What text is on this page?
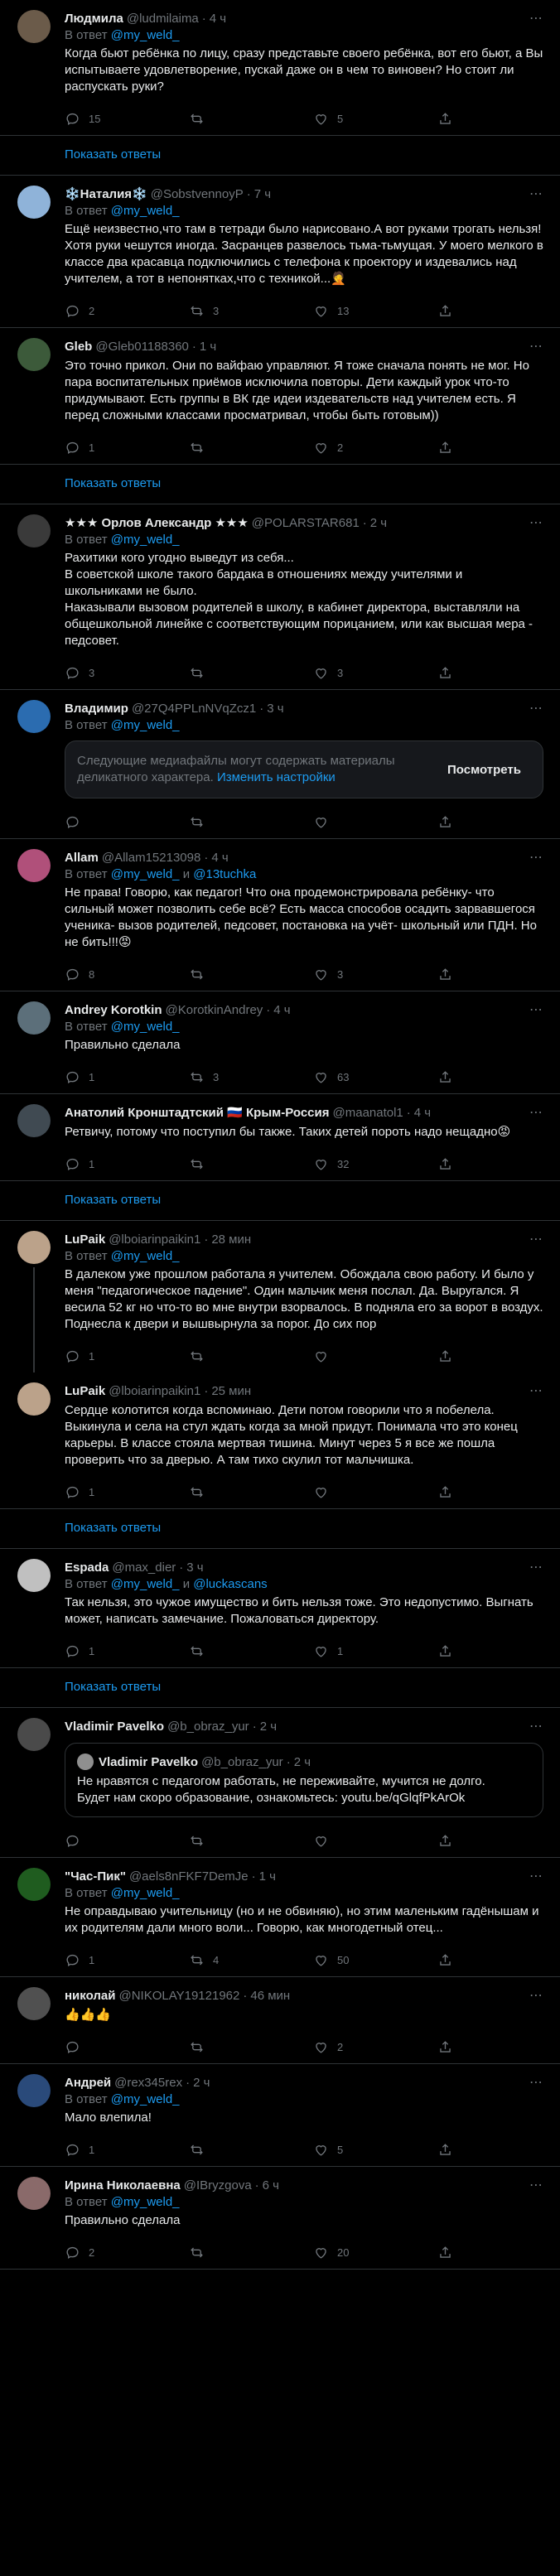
Людмила @ludmilaima · 4 ч	⋯
В ответ @my_weld_
Когда бьют ребёнка по лицу, сразу представьте своего ребёнка, вот его бьют, а Вы испытываете удовлетворение, пускай даже он в чем то виновен? Но стоит ли распускать руки?
15	5
Показать ответы
❄️Наталия❄️ @SobstvennoyP · 7 ч	⋯
В ответ @my_weld_
Ещё неизвестно,что там в тетради было нарисовано.А вот руками трогать нельзя! Хотя руки чешутся иногда. Засранцев развелось тьма-тьмущая. У моего мелкого в классе два красавца подключились с телефона к проектору и издевались над учителем, а тот в непонятках,что с техникой...🤦
2	3	13
Gleb @Gleb01188360 · 1 ч	⋯
Это точно прикол. Они по вайфаю управляют. Я тоже сначала понять не мог. Но пара воспитательных приёмов исключила повторы. Дети каждый урок что-то придумывают. Есть группы в ВК где идеи издевательств над учителем есть. Я перед сложными классами просматривал, чтобы быть готовым))
1	2
Показать ответы
★★★ Орлов Александр ★★★ @POLARSTAR681 · 2 ч	⋯
В ответ @my_weld_
Рахитики кого угодно выведут из себя...
В советской школе такого бардака в отношениях между учителями и школьниками не было.
Наказывали вызовом родителей в школу, в кабинет директора, выставляли на общешкольной линейке с соответствующим порицанием, или как высшая мера - педсовет.
3	3
Владимир @27Q4PPLnNVqZcz1 · 3 ч	⋯
В ответ @my_weld_
Следующие медиафайлы могут содержать материалы деликатного характера. Изменить настройки
Посмотреть
Allam @Allam15213098 · 4 ч	⋯
В ответ @my_weld_ и @13tuchka
Не права! Говорю, как педагог! Что она продемонстрировала ребёнку- что сильный может позволить себе всё? Есть масса способов осадить зарвавшегося ученика- вызов родителей, педсовет, постановка на учёт- школьный или ПДН. Но не бить!!!😡
8	3
Andrey Korotkin @KorotkinAndrey · 4 ч	⋯
В ответ @my_weld_
Правильно сделала
1	3	63
Анатолий Кронштадтский 🇷🇺 Крым-Россия @maanatol1 · 4 ч	⋯
Ретвичу, потому что поступил бы также. Таких детей пороть надо нещадно😡
1	32
Показать ответы
LuPaik @lboiarinpaikin1 · 28 мин	⋯
В ответ @my_weld_
В далеком уже прошлом работала я учителем. Обождала свою работу. И было у меня "педагогическое падение". Один мальчик меня послал. Да. Выругался. Я весила 52 кг но что-то во мне внутри взорвалось. В подняла его за ворот в воздух. Поднесла к двери и вышвырнула за порог. До сих пор
1
LuPaik @lboiarinpaikin1 · 25 мин	⋯
Сердце колотится когда вспоминаю. Дети потом говорили что я побелела. Выкинула и села на стул ждать когда за мной придут. Понимала что это конец карьеры. В классе стояла мертвая тишина. Минут через 5 я все же пошла проверить что за дверью. А там тихо скулил тот мальчишка.
1
Показать ответы
Espada @max_dier · 3 ч	⋯
В ответ @my_weld_ и @luckascans
Так нельзя, это чужое имущество и бить нельзя тоже. Это недопустимо. Выгнать может, написать замечание. Пожаловаться директору.
1	1
Показать ответы
Vladimir Pavelko @b_obraz_yur · 2 ч	⋯
Vladimir Pavelko @b_obraz_yur · 2 ч
Не нравятся с педагогом работать, не переживайте, мучится не долго.
Будет нам скоро образование, ознакомьтесь: youtu.be/qGlqfPkArOk
"Час-Пик" @aels8nFKF7DemJe · 1 ч	⋯
В ответ @my_weld_
Не оправдываю учительницу (но и не обвиняю), но этим маленьким гадёнышам и их родителям дали много воли... Говорю, как многодетный отец...
1	4	50
николай @NIKOLAY19121962 · 46 мин	⋯
👍👍👍
2
Андрей @rex345rex · 2 ч	⋯
В ответ @my_weld_
Мало влепила!
1	5
Ирина Николаевна @IBryzgova · 6 ч	⋯
В ответ @my_weld_
Правильно сделала
2	20
